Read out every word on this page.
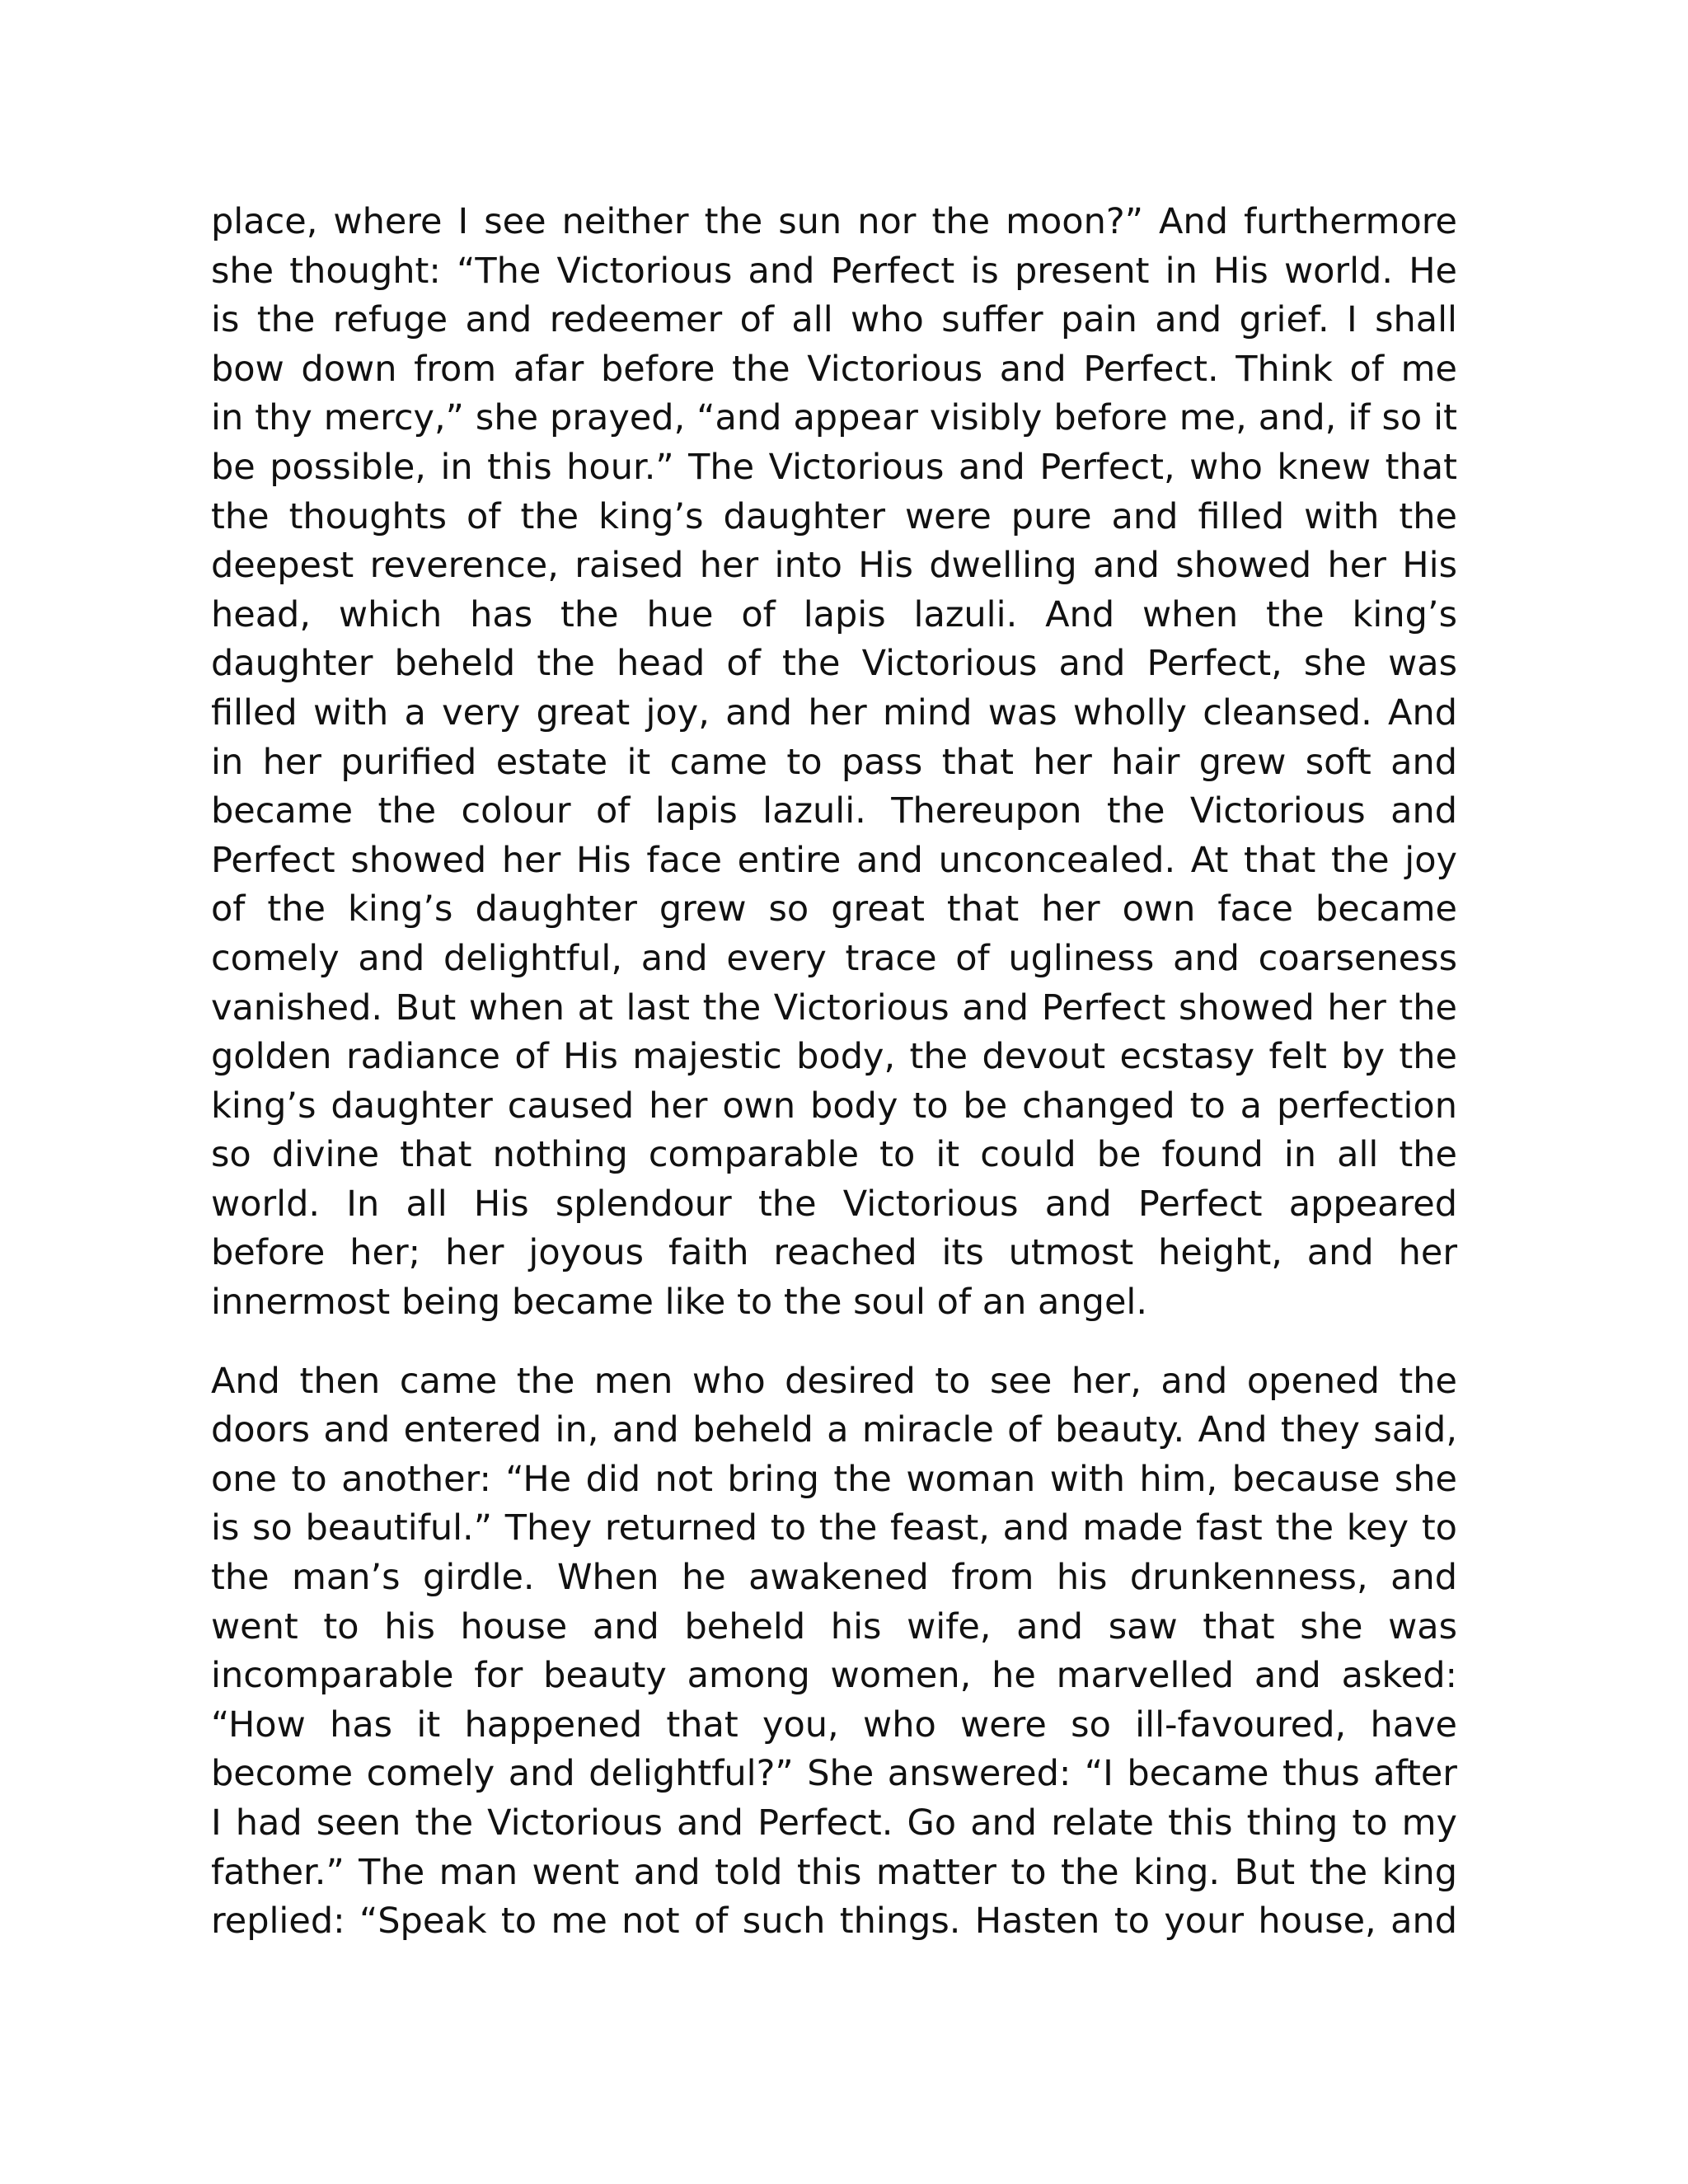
place, where I see neither the sun nor the moon?” And furthermore
she thought: “The Victorious and Perfect is present in His world. He
is the refuge and redeemer of all who suffer pain and grief. I shall
bow down from afar before the Victorious and Perfect. Think of me
in thy mercy,” she prayed, “and appear visibly before me, and, if so it
be possible, in this hour.” The Victorious and Perfect, who knew that
the thoughts of the king’s daughter were pure and filled with the
deepest reverence, raised her into His dwelling and showed her His
head, which has the hue of lapis lazuli. And when the king’s
daughter beheld the head of the Victorious and Perfect, she was
filled with a very great joy, and her mind was wholly cleansed. And
in her purified estate it came to pass that her hair grew soft and
became the colour of lapis lazuli. Thereupon the Victorious and
Perfect showed her His face entire and unconcealed. At that the joy
of the king’s daughter grew so great that her own face became
comely and delightful, and every trace of ugliness and coarseness
vanished. But when at last the Victorious and Perfect showed her the
golden radiance of His majestic body, the devout ecstasy felt by the
king’s daughter caused her own body to be changed to a perfection
so divine that nothing comparable to it could be found in all the
world. In all His splendour the Victorious and Perfect appeared
before her; her joyous faith reached its utmost height, and her
innermost being became like to the soul of an angel.

And then came the men who desired to see her, and opened the
doors and entered in, and beheld a miracle of beauty. And they said,
one to another: “He did not bring the woman with him, because she
is so beautiful.” They returned to the feast, and made fast the key to
the man’s girdle. When he awakened from his drunkenness, and
went to his house and beheld his wife, and saw that she was
incomparable for beauty among women, he marvelled and asked:
“How has it happened that you, who were so ill-favoured, have
become comely and delightful?” She answered: “I became thus after
I had seen the Victorious and Perfect. Go and relate this thing to my
father.” The man went and told this matter to the king. But the king
replied: “Speak to me not of such things. Hasten to your house, and
